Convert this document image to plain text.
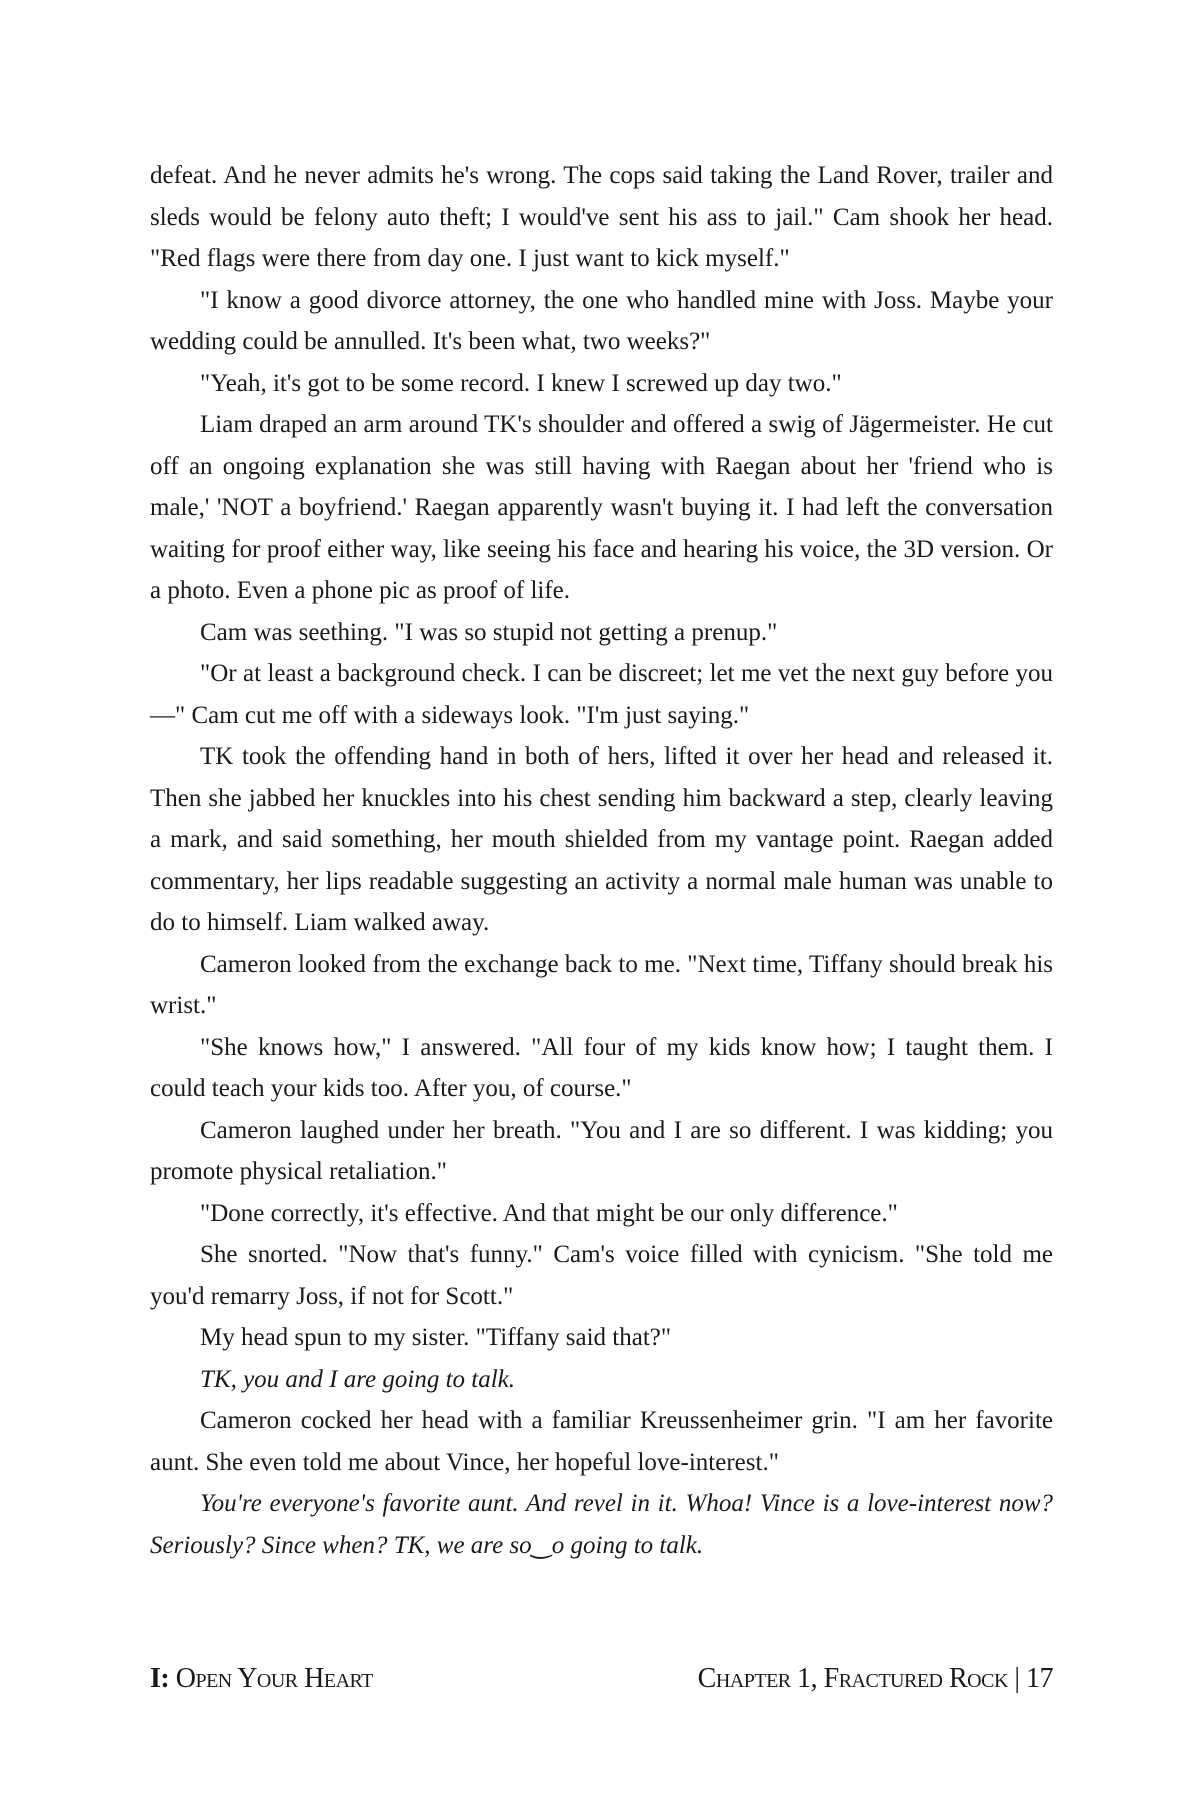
defeat. And he never admits he's wrong. The cops said taking the Land Rover, trailer and sleds would be felony auto theft; I would've sent his ass to jail." Cam shook her head. "Red flags were there from day one. I just want to kick myself."

"I know a good divorce attorney, the one who handled mine with Joss. Maybe your wedding could be annulled. It's been what, two weeks?"

"Yeah, it's got to be some record. I knew I screwed up day two."

Liam draped an arm around TK's shoulder and offered a swig of Jägermeister. He cut off an ongoing explanation she was still having with Raegan about her 'friend who is male,' 'NOT a boyfriend.' Raegan apparently wasn't buying it. I had left the conversation waiting for proof either way, like seeing his face and hearing his voice, the 3D version. Or a photo. Even a phone pic as proof of life.

Cam was seething. "I was so stupid not getting a prenup."

"Or at least a background check. I can be discreet; let me vet the next guy before you—" Cam cut me off with a sideways look. "I'm just saying."

TK took the offending hand in both of hers, lifted it over her head and released it. Then she jabbed her knuckles into his chest sending him backward a step, clearly leaving a mark, and said something, her mouth shielded from my vantage point. Raegan added commentary, her lips readable suggesting an activity a normal male human was unable to do to himself. Liam walked away.

Cameron looked from the exchange back to me. "Next time, Tiffany should break his wrist."

"She knows how," I answered. "All four of my kids know how; I taught them. I could teach your kids too. After you, of course."

Cameron laughed under her breath. "You and I are so different. I was kidding; you promote physical retaliation."

"Done correctly, it's effective. And that might be our only difference."

She snorted. "Now that's funny." Cam's voice filled with cynicism. "She told me you'd remarry Joss, if not for Scott."

My head spun to my sister. "Tiffany said that?"

TK, you and I are going to talk.

Cameron cocked her head with a familiar Kreussenheimer grin. "I am her favorite aunt. She even told me about Vince, her hopeful love-interest."

You're everyone's favorite aunt. And revel in it. Whoa! Vince is a love-interest now? Seriously? Since when? TK, we are so‿o going to talk.

I: Open Your Heart	Chapter 1, Fractured Rock | 17
